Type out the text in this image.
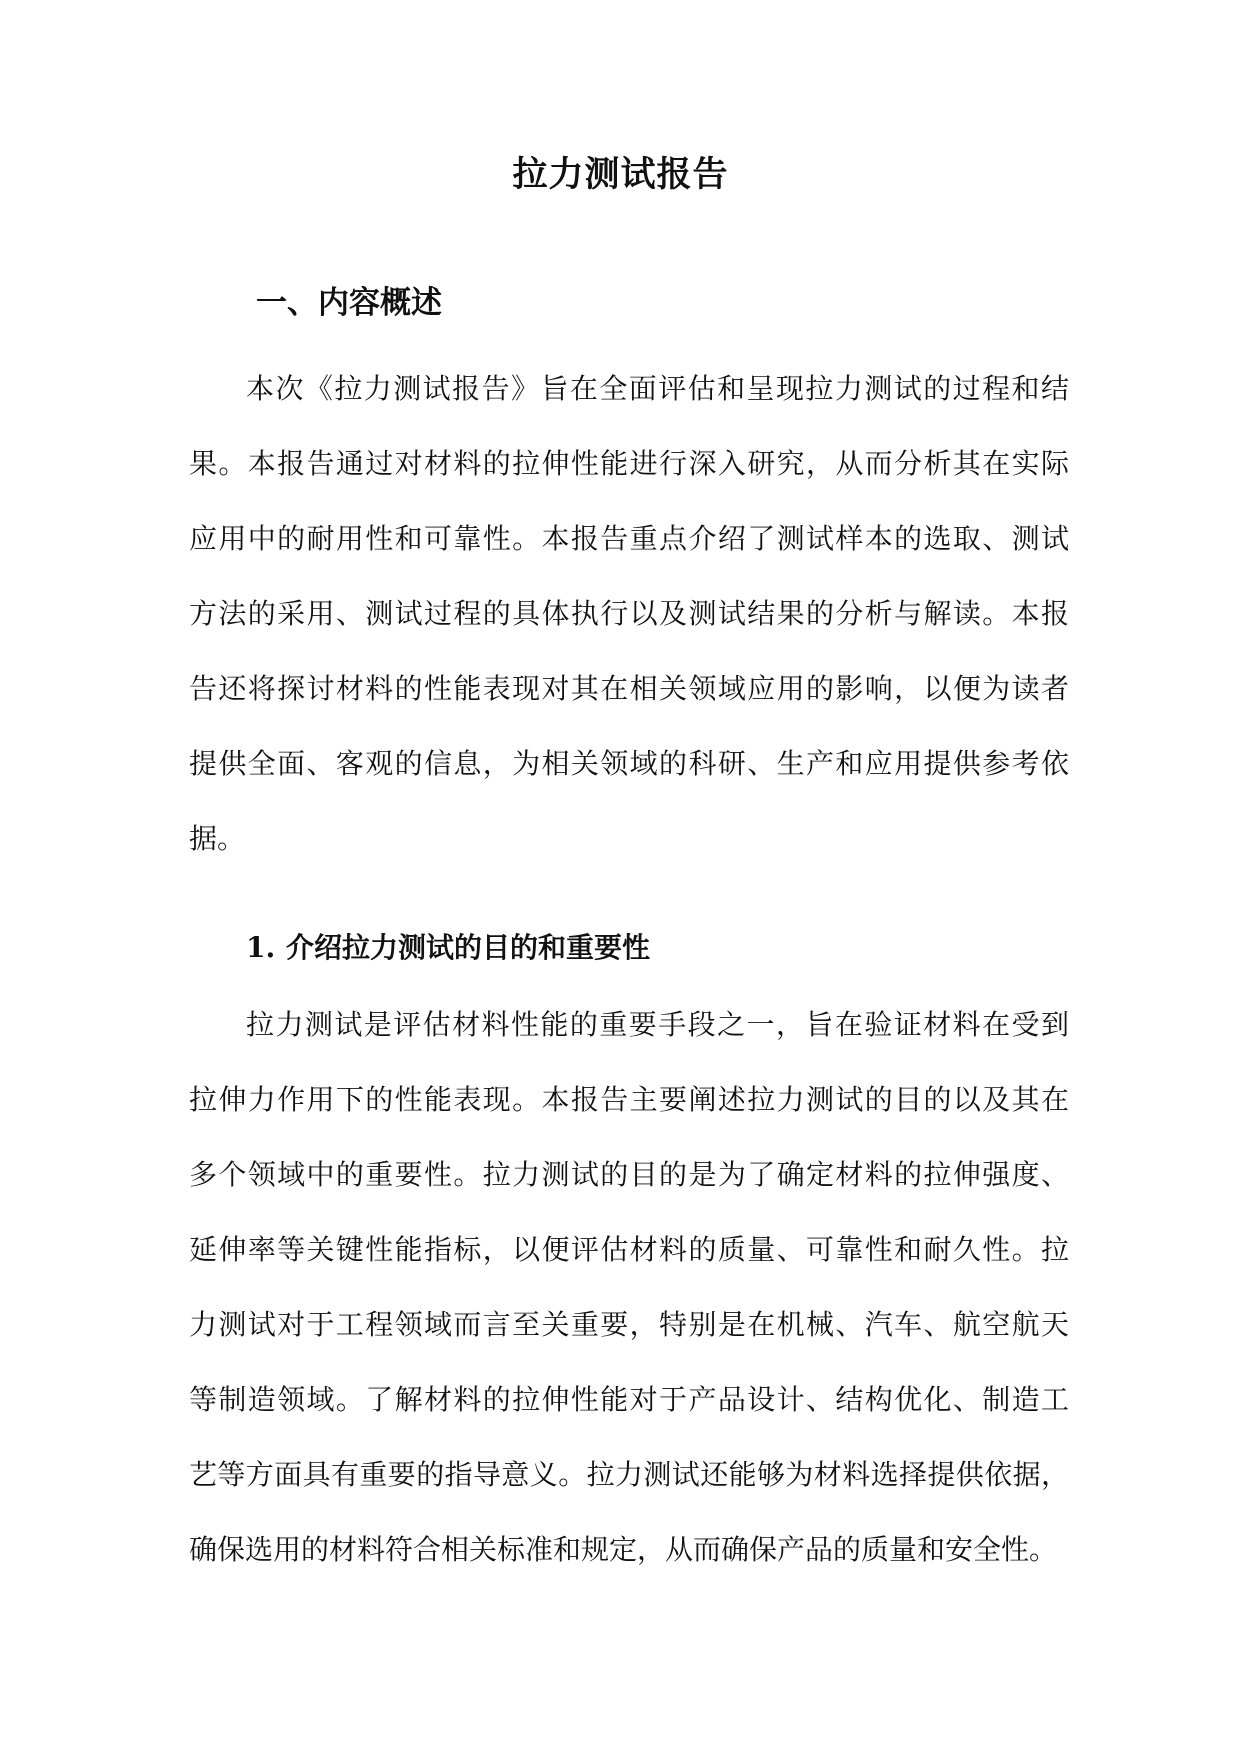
拉力测试报告
一、内容概述
本次《拉力测试报告》旨在全面评估和呈现拉力测试的过程和结
果。本报告通过对材料的拉伸性能进行深入研究，从而分析其在实际
应用中的耐用性和可靠性。本报告重点介绍了测试样本的选取、测试
方法的采用、测试过程的具体执行以及测试结果的分析与解读。本报
告还将探讨材料的性能表现对其在相关领域应用的影响，以便为读者
提供全面、客观的信息，为相关领域的科研、生产和应用提供参考依
据。
1. 介绍拉力测试的目的和重要性
拉力测试是评估材料性能的重要手段之一，旨在验证材料在受到
拉伸力作用下的性能表现。本报告主要阐述拉力测试的目的以及其在
多个领域中的重要性。拉力测试的目的是为了确定材料的拉伸强度、
延伸率等关键性能指标，以便评估材料的质量、可靠性和耐久性。拉
力测试对于工程领域而言至关重要，特别是在机械、汽车、航空航天
等制造领域。了解材料的拉伸性能对于产品设计、结构优化、制造工
艺等方面具有重要的指导意义。拉力测试还能够为材料选择提供依据，
确保选用的材料符合相关标准和规定，从而确保产品的质量和安全性。
